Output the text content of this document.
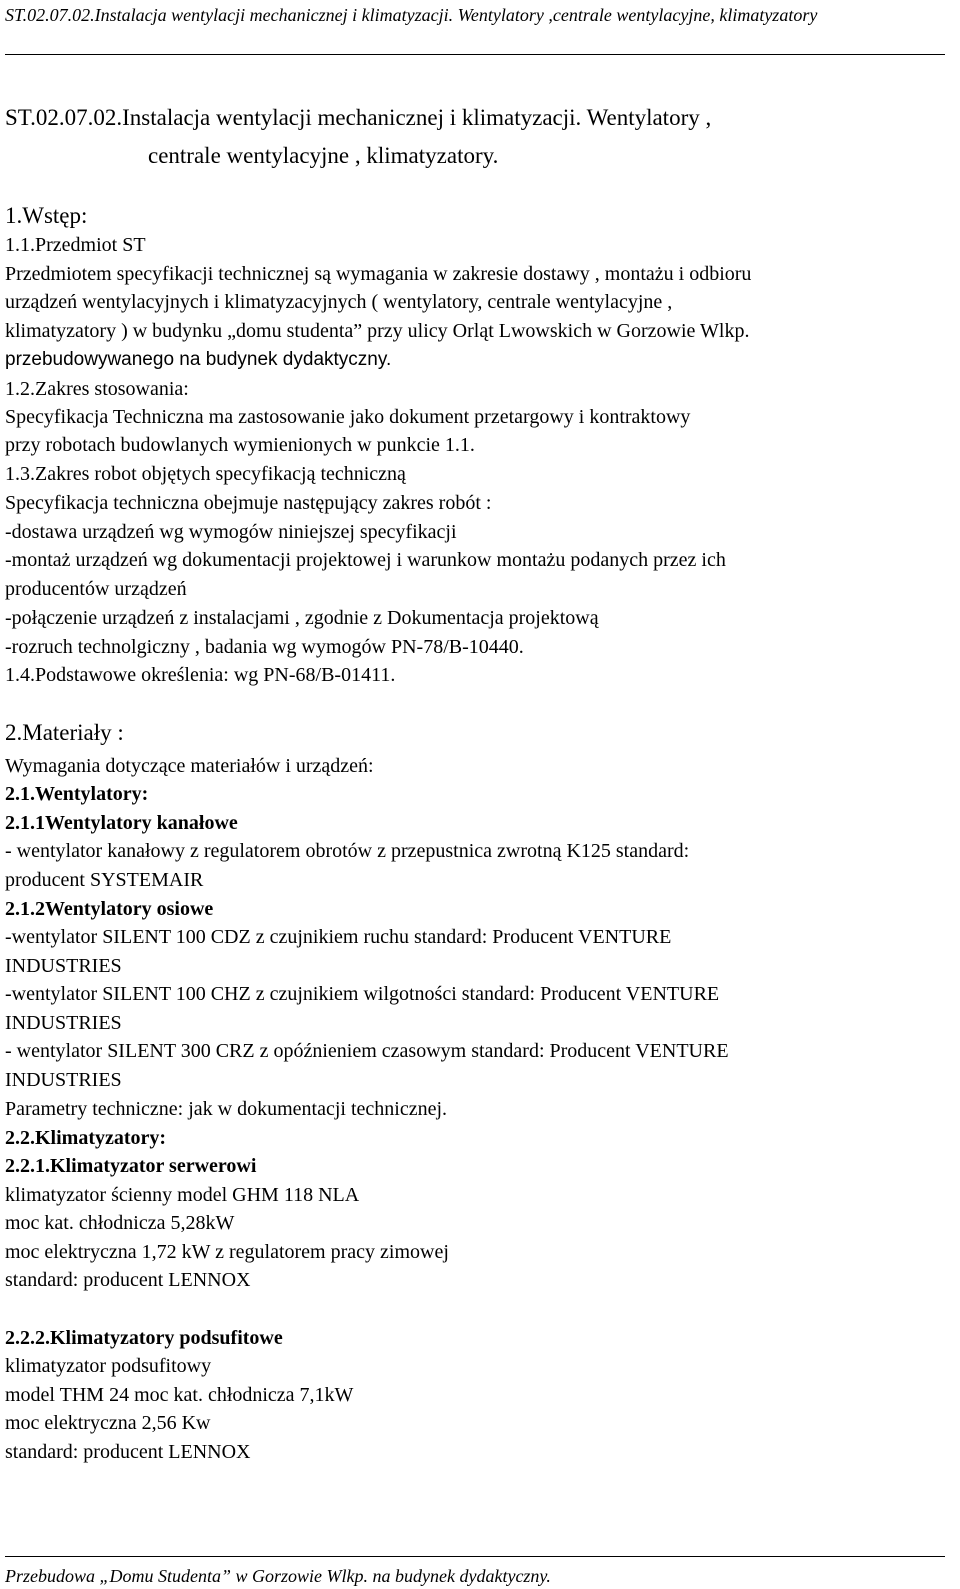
ST.02.07.02.Instalacja wentylacji mechanicznej i klimatyzacji. Wentylatory ,centrale wentylacyjne, klimatyzatory
ST.02.07.02.Instalacja wentylacji mechanicznej i klimatyzacji. Wentylatory ,
centrale wentylacyjne , klimatyzatory.
1.Wstęp:
1.1.Przedmiot ST
Przedmiotem specyfikacji technicznej są wymagania w zakresie dostawy , montażu i odbioru
urządzeń wentylacyjnych i klimatyzacyjnych ( wentylatory, centrale wentylacyjne ,
klimatyzatory ) w budynku „domu studenta” przy ulicy Orląt Lwowskich w Gorzowie Wlkp.
przebudowywanego na budynek dydaktyczny.
1.2.Zakres stosowania:
Specyfikacja Techniczna ma zastosowanie jako dokument przetargowy i kontraktowy
przy robotach budowlanych wymienionych w punkcie 1.1.
1.3.Zakres robot objętych specyfikacją techniczną
Specyfikacja techniczna obejmuje następujący zakres robót :
-dostawa urządzeń wg wymogów niniejszej specyfikacji
-montaż urządzeń wg dokumentacji projektowej i warunkow montażu podanych przez ich
producentów urządzeń
-połączenie urządzeń z instalacjami , zgodnie z Dokumentacja projektową
-rozruch technolgiczny , badania wg wymogów PN-78/B-10440.
1.4.Podstawowe określenia: wg PN-68/B-01411.
2.Materiały :
Wymagania dotyczące materiałów i urządzeń:
2.1.Wentylatory:
2.1.1Wentylatory kanałowe
- wentylator kanałowy z regulatorem obrotów z przepustnica zwrotną K125 standard:
producent SYSTEMAIR
2.1.2Wentylatory osiowe
-wentylator SILENT 100 CDZ z czujnikiem ruchu standard: Producent VENTURE
INDUSTRIES
-wentylator SILENT 100 CHZ z czujnikiem wilgotności standard: Producent VENTURE
INDUSTRIES
- wentylator SILENT 300 CRZ z opóźnieniem czasowym standard: Producent VENTURE
INDUSTRIES
Parametry techniczne: jak w dokumentacji technicznej.
2.2.Klimatyzatory:
2.2.1.Klimatyzator serwerowi
klimatyzator ścienny model GHM 118 NLA
moc kat. chłodnicza 5,28kW
moc elektryczna 1,72 kW z regulatorem pracy zimowej
standard: producent LENNOX
2.2.2.Klimatyzatory podsufitowe
klimatyzator podsufitowy
model THM 24 moc kat. chłodnicza 7,1kW
moc elektryczna 2,56 Kw
standard: producent LENNOX
Przebudowa „Domu Studenta” w Gorzowie Wlkp. na budynek dydaktyczny.
